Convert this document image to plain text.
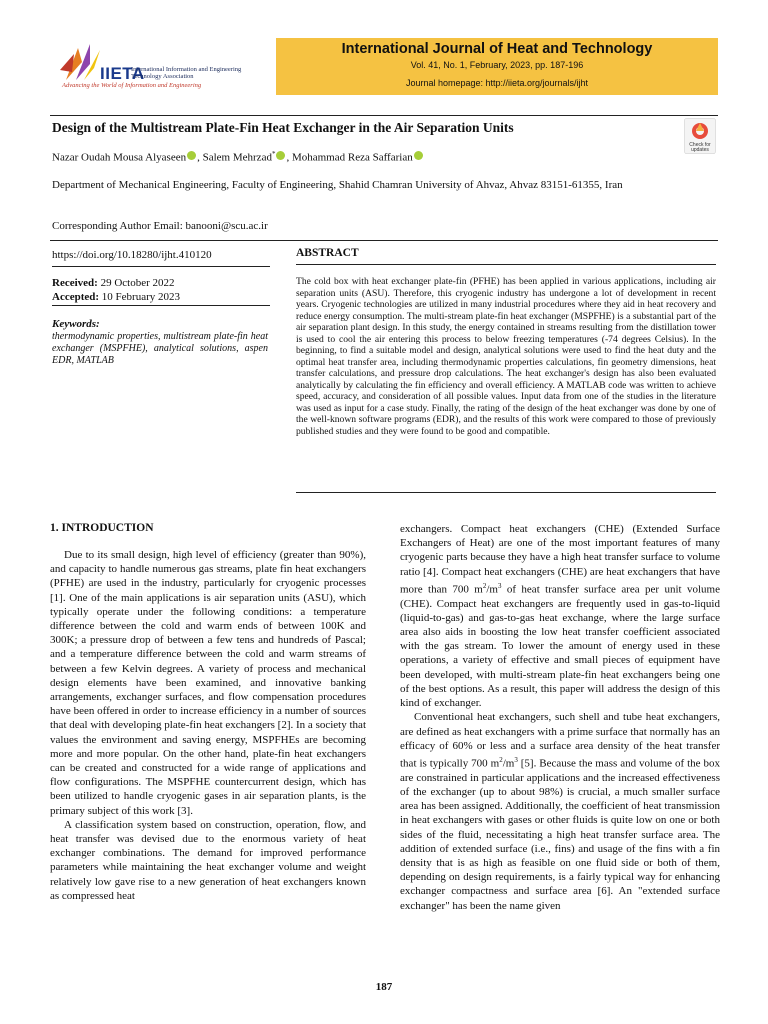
IIETA
International Information and Engineering Technology Association
Advancing the World of Information and Engineering
International Journal of Heat and Technology
Vol. 41, No. 1, February, 2023, pp. 187-196
Journal homepage: http://iieta.org/journals/ijht
Design of the Multistream Plate-Fin Heat Exchanger in the Air Separation Units
Check for
updates
Nazar Oudah Mousa Alyaseen , Salem Mehrzad* , Mohammad Reza Saffarian
Department of Mechanical Engineering, Faculty of Engineering, Shahid Chamran University of Ahvaz, Ahvaz 83151-61355, Iran
Corresponding Author Email: banooni@scu.ac.ir
https://doi.org/10.18280/ijht.410120	ABSTRACT
Received: 29 October 2022
Accepted: 10 February 2023
Keywords:
thermodynamic properties, multistream plate-fin heat exchanger (MSPFHE), analytical solutions, aspen EDR, MATLAB
The cold box with heat exchanger plate-fin (PFHE) has been applied in various applications, including air separation units (ASU). Therefore, this cryogenic industry has undergone a lot of development in recent years. Cryogenic technologies are utilized in many industrial procedures where they aid in heat recovery and reduce energy consumption. The multi-stream plate-fin heat exchanger (MSPFHE) is a substantial part of the air separation plant design. In this study, the energy contained in streams resulting from the distillation tower is used to cool the air entering this process to below freezing temperatures (-74 degrees Celsius). In the beginning, to find a suitable model and design, analytical solutions were used to find the heat duty and the optimal heat transfer area, including thermodynamic properties calculations, fin geometry dimensions, heat transfer calculations, and pressure drop calculations. The heat exchanger's design has also been evaluated analytically by calculating the fin efficiency and overall efficiency. A MATLAB code was written to achieve speed, accuracy, and consideration of all possible values. Input data from one of the studies in the literature was used as input for a case study. Finally, the rating of the design of the heat exchanger was done by one of the well-known software programs (EDR), and the results of this work were compared to those of previously published studies and they were found to be good and compatible.
1. INTRODUCTION

Due to its small design, high level of efficiency (greater than 90%), and capacity to handle numerous gas streams, plate fin heat exchangers (PFHE) are used in the industry, particularly for cryogenic processes [1]. One of the main applications is air separation units (ASU), which typically operate under the following conditions: a temperature difference between the cold and warm ends of between 100K and 300K; a pressure drop of between a few tens and hundreds of Pascal; and a temperature difference between the cold and warm streams of between a few Kelvin degrees. A variety of process and mechanical design elements have been examined, and innovative banking arrangements, exchanger surfaces, and flow compensation procedures have been offered in order to increase efficiency in a number of sources that deal with developing plate-fin heat exchangers [2]. In a society that values the environment and saving energy, MSPFHEs are becoming more and more popular. On the other hand, plate-fin heat exchangers can be created and constructed for a wide range of applications and flow configurations. The MSPFHE countercurrent design, which has been utilized to handle cryogenic gases in air separation plants, is the primary subject of this work [3].

A classification system based on construction, operation, flow, and heat transfer was devised due to the enormous variety of heat exchanger combinations. The demand for improved performance parameters while maintaining the heat exchanger volume and weight relatively low gave rise to a new generation of heat exchangers known as compressed heat

exchangers. Compact heat exchangers (CHE) (Extended Surface Exchangers of Heat) are one of the most important features of many cryogenic parts because they have a high heat transfer surface to volume ratio [4]. Compact heat exchangers (CHE) are heat exchangers that have more than 700 $m^2/m^3$ of heat transfer surface area per unit volume (CHE). Compact heat exchangers are frequently used in gas-to-liquid (liquid-to-gas) and gas-to-gas heat exchange, where the large surface area also aids in boosting the low heat transfer coefficient associated with the gas stream. To lower the amount of energy used in these operations, a variety of effective and small pieces of equipment have been developed, with multi-stream plate-fin heat exchangers being one of the best options. As a result, this paper will address the design of this kind of exchanger.

Conventional heat exchangers, such shell and tube heat exchangers, are defined as heat exchangers with a prime surface that normally has an efficacy of 60% or less and a surface area density of the heat transfer that is typically 700 $m^2/m^3$ [5]. Because the mass and volume of the box are constrained in particular applications and the increased effectiveness of the exchanger (up to about 98%) is crucial, a much smaller surface area has been assigned. Additionally, the coefficient of heat transmission in heat exchangers with gases or other fluids is quite low on one or both sides of the fluid, necessitating a high heat transfer surface area. The addition of extended surface (i.e., fins) and usage of the fins with a fin density that is as high as feasible on one fluid side or both of them, depending on design requirements, is a fairly typical way for enhancing exchanger compactness and surface area [6]. An "extended surface exchanger" has been the name given

187
